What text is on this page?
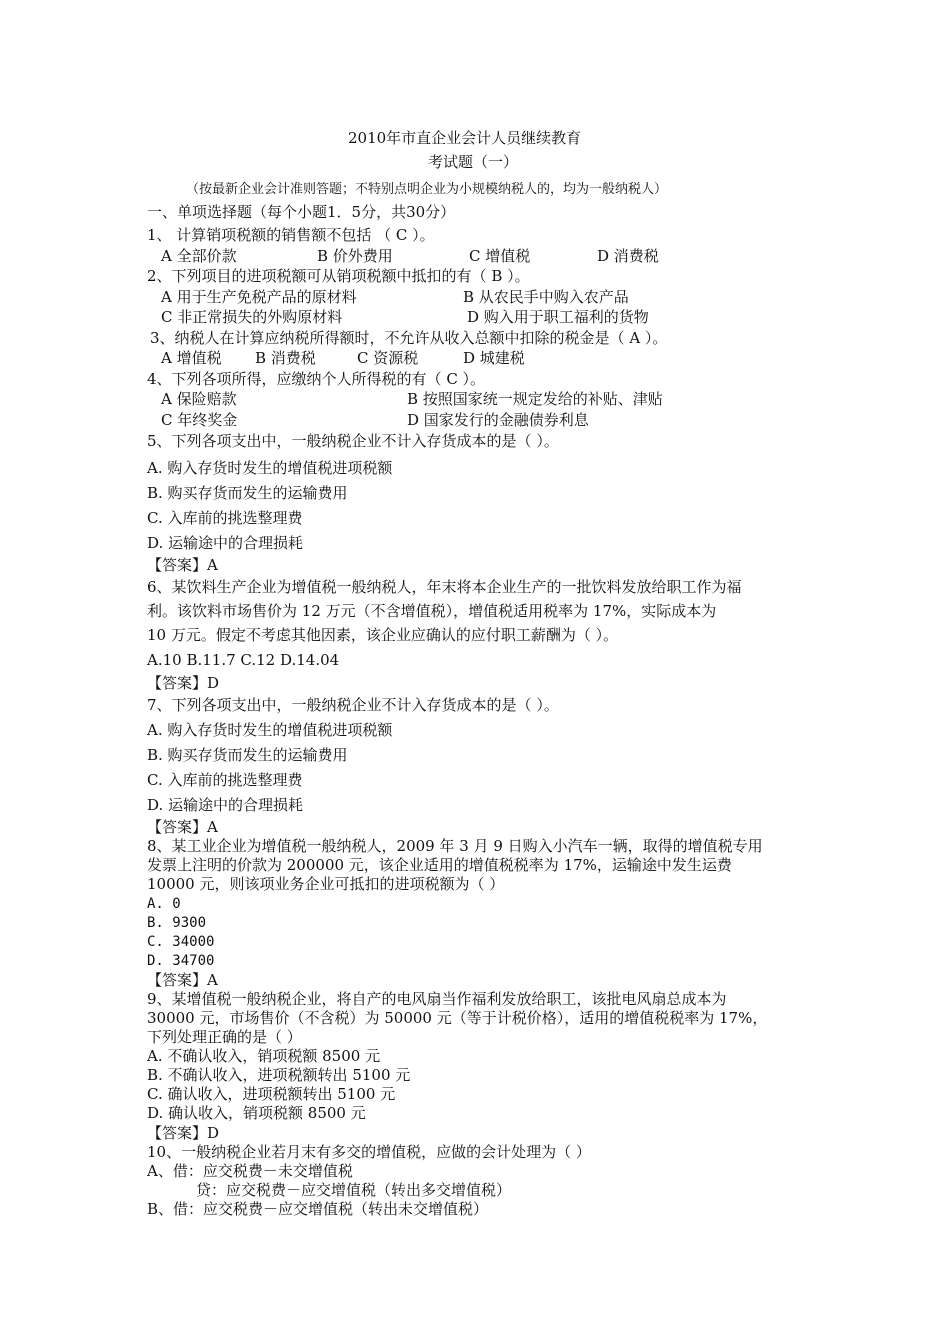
2010年市直企业会计人员继续教育
考试题（一）
（按最新企业会计准则答题；不特别点明企业为小规模纳税人的，均为一般纳税人）
一、单项选择题（每个小题1．5分，共30分）
1、 计算销项税额的销售额不包括 （ C ）。
A 全部价款	B 价外费用	C 增值税	D 消费税
2、下列项目的进项税额可从销项税额中抵扣的有（ B ）。
A 用于生产免税产品的原材料	B 从农民手中购入农产品
C 非正常损失的外购原材料	D 购入用于职工福利的货物
3、纳税人在计算应纳税所得额时，不允许从收入总额中扣除的税金是（ A ）。
A 增值税 B 消费税	C 资源税	D 城建税
4、下列各项所得，应缴纳个人所得税的有（ C ）。
A 保险赔款	B 按照国家统一规定发给的补贴、津贴
C 年终奖金	D 国家发行的金融债券利息
5、下列各项支出中，一般纳税企业不计入存货成本的是（ ）。
A. 购入存货时发生的增值税进项税额
B. 购买存货而发生的运输费用
C. 入库前的挑选整理费
D. 运输途中的合理损耗
【答案】A
6、某饮料生产企业为增值税一般纳税人，年末将本企业生产的一批饮料发放给职工作为福
利。该饮料市场售价为 12 万元（不含增值税），增值税适用税率为 17%，实际成本为
10 万元。假定不考虑其他因素，该企业应确认的应付职工薪酬为（ ）。
A.10 B.11.7 C.12 D.14.04
【答案】D
7、下列各项支出中，一般纳税企业不计入存货成本的是（ ）。
A. 购入存货时发生的增值税进项税额
B. 购买存货而发生的运输费用
C. 入库前的挑选整理费
D. 运输途中的合理损耗
【答案】A
8、某工业企业为增值税一般纳税人，2009 年 3 月 9 日购入小汽车一辆，取得的增值税专用
发票上注明的价款为 200000 元，该企业适用的增值税税率为 17%，运输途中发生运费
10000 元，则该项业务企业可抵扣的进项税额为（ ）
A. 0
B. 9300
C. 34000
D. 34700
【答案】A
9、某增值税一般纳税企业，将自产的电风扇当作福利发放给职工，该批电风扇总成本为
30000 元，市场售价（不含税）为 50000 元（等于计税价格），适用的增值税税率为 17%，
下列处理正确的是（ ）
A. 不确认收入，销项税额 8500 元
B. 不确认收入，进项税额转出 5100 元
C. 确认收入，进项税额转出 5100 元
D. 确认收入，销项税额 8500 元
【答案】D
10、一般纳税企业若月末有多交的增值税，应做的会计处理为（ ）
A、借：应交税费－未交增值税
贷：应交税费－应交增值税（转出多交增值税）
B、借：应交税费－应交增值税（转出未交增值税）
